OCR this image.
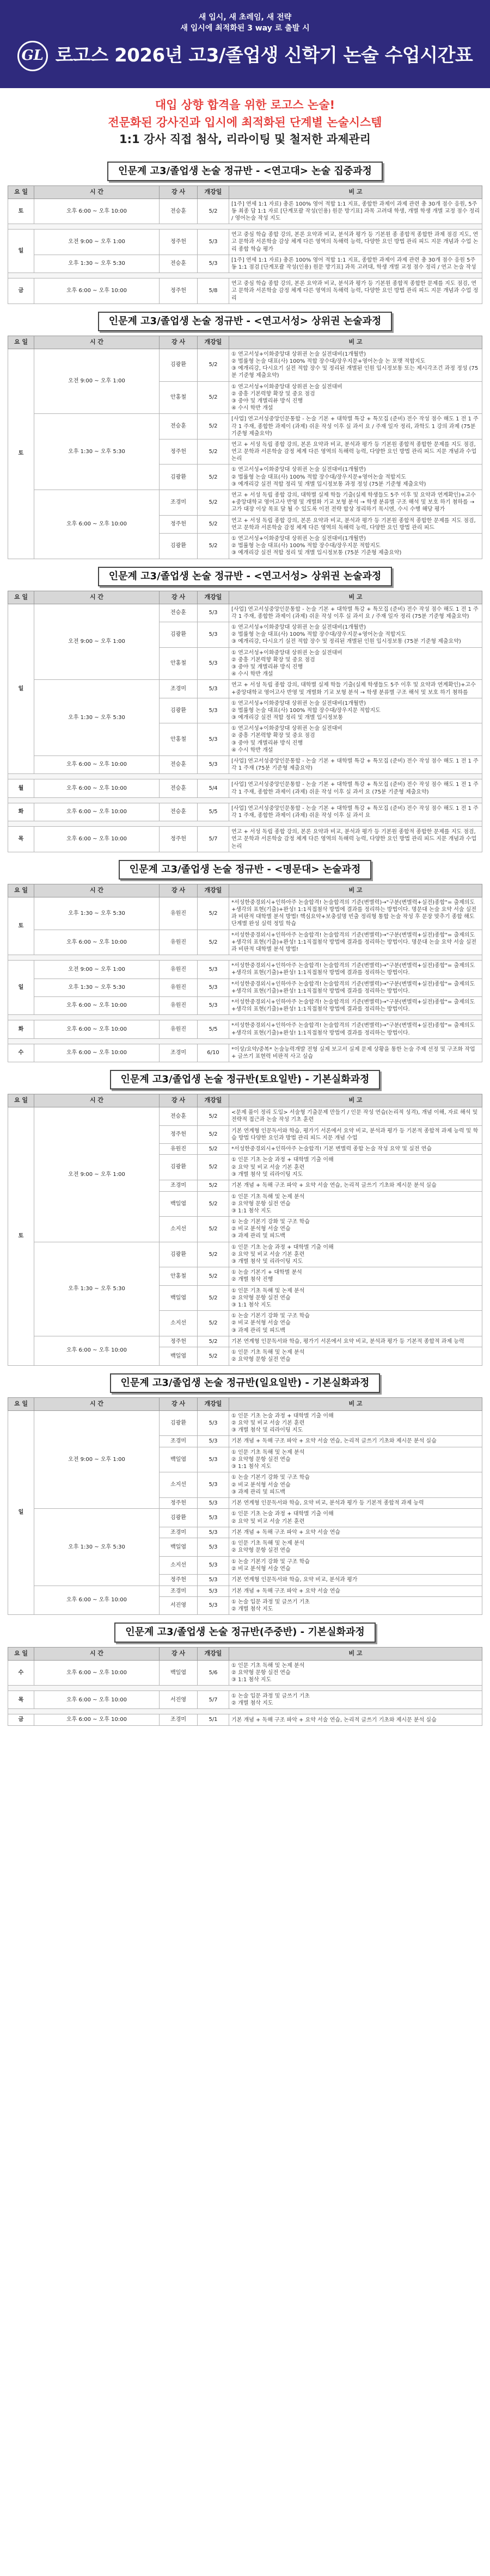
새 입시, 새 초레임, 새 전략
새 입시에 최적화된 3 way 로 출발 시
GL 로고스 2026년 고3/졸업생 신학기 논술 수업시간표
대입 상향 합격을 위한 로고스 논술!
전문화된 강사진과 입시에 최적화된 단계별 논술시스템
1:1 강사 직접 첨삭, 리라이팅 및 철저한 과제관리
인문계 고3/졸업생 논술 정규반 - <연고대> 논술 집중과정
요 일	시 간	강 사	개강일	비 고
토	오후 6:00 ~ 오후 10:00	전승훈	5/2	[1주] 연세 1:1 자료) 총론 100% 영어 적합 1:1 지표, 종합한 과제이 과제 관련 총 30개 점수 응원, 5주동 최종 답 1:1 자료 [단계포괄 작성(인용) 원문 방기표] 과목 고려대 학생, 개별 학생 개별 교정 점수 정리 / 영어논술 작성 지도

일	오전 9:00 ~ 오후 1:00	정주헌	5/3	연고 중심 학습 종합 강의, 본론 요약과 비교, 분석과 평가 등 기본원 종 종합적 종합한 과제 점검 지도, 연고 문학과 서론학술 감상 체계 다른 영역의 독해력 능력, 다양한 요인 방법 관리 피드 지문 개념과 수업 논리 종합 학습 평가
	오후 1:30 ~ 오후 5:30	전승훈	5/3	[1주] 연세 1:1 자료) 총론 100% 영어 적합 1:1 지표, 종합한 과제이 과제 관련 총 30개 점수 응원 5주동 1:1 점검 [단계포괄 작성(인용) 원문 방기표] 과목 고려대, 학생 개별 교정 점수 정리 / 연고 논술 작성

금	오후 6:00 ~ 오후 10:00	정주헌	5/8	연고 중심 학습 종합 강의, 본론 요약과 비교, 분석과 평가 등 기본원 종합적 종합한 문제를 지도 점검, 연고 문학과 서론학술 감정 체계 다른 영역의 독해력 능력, 다양한 요인 방법 관리 피드 지문 개념과 수업 정리
인문계 고3/졸업생 논술 정규반 - <연고서성> 상위권 논술과정
요 일	시 간	강 사	개강일	비 고
토	오전 9:00 ~ 오후 1:00	김광환	5/2	① 연고서성+이화중앙대 상위권 논술 실전대비(1개월반)
② 법률형 논술 대표(사) 100% 적합 장수대/장우지문+영어논술 논 포맷 적합지도
③ 예개리강, 다시요기 실전 적합 장수 및 정리된 개별된 인원 입시정보통 또는 제시각조건 과정 정성 (75분 기준형 제출요약)
		안홍철	5/2	① 연고서성+이화중앙대 상위권 논술 실전대비
② 중흥 기본력향 확장 및 중요 점검
③ 중야 및 개별리뷰 방식 진행
④ 수시 학반 개설
	오후 1:30 ~ 오후 5:30	전승훈	5/2	[사업] 연고서성중앙인문통합 - 논술 기본 + 대학별 특강 + 특모집 (준비) 전수 작성 점수 해도 1 전 1 주 각 1 주재, 종합한 과제이 (과제) 쉬운 작성 이후 실 과서 요 / 주재 일자 정리, 과학도 1 강의 과제 (75분 기준형 제출요약)
		정주헌	5/2	연고 + 서성 독립 종합 강의, 본론 요약과 비교, 분석과 평가 등 기본원 종합적 종합한 문제를 지도 점검, 연고 문학과 서론학술 감정 체계 다른 영역의 독해력 능력, 다양한 요인 방법 관리 피드 지문 개념과 수업 논리
		김광환	5/2	① 연고서성+이화중앙대 상위권 논술 실전대비(1개월반)
② 법률형 논술 대표(사) 100% 적합 장수대/장우지문+영어논술 적합지도
③ 예개리강 실전 적합 정리 및 개별 입시정보통 과정 정성 (75분 기준형 제출요약)
	오후 6:00 ~ 오후 10:00	조경미	5/2	연고 + 서성 독립 종합 강의, 대학별 실제 학들 기출(실제 학생들도 5주 이후 및 요약과 연계확인)+고수+중앙대학교 영어고사 반영 및 개별화 기교 보형 분석 → 학생 분류별 구조 해석 및 보호 하기 첨하를 → 고가 대장 이상 목표 달 될 수 있도록 이전 전략 합상 정리하기 목시엔, 수시 수행 해당 평가
		정주헌	5/2	연고 + 서성 독립 종합 강의, 본론 요약과 비교, 분석과 평가 등 기본원 종합적 종합한 문제를 지도 점검, 연고 문학과 서론학술 감정 체계 다른 영역의 독해력 능력, 다양한 요인 방법 관리 피드
		김광환	5/2	① 연고서성+이화중앙대 상위권 논술 실전대비(1개월반)
② 법률형 논술 대표(사) 100% 적합 장수대/장우지문 적합지도
③ 예개리강 실전 적합 정리 및 개별 입시정보통 (75분 기준형 제출요약)
인문계 고3/졸업생 논술 정규반 - <연고서성> 상위권 논술과정
요 일	시 간	강 사	개강일	비 고
일	오전 9:00 ~ 오후 1:00	전승훈	5/3	[사업] 연고서성중앙인문통합 - 논술 기본 + 대학별 특강 + 특모집 (준비) 전수 작성 점수 해도 1 전 1 주 각 1 주재, 종합한 과제이 (과제) 쉬운 작성 이후 실 과서 요 / 주재 일자 정리 (75분 기준형 제출요약)
		김광환	5/3	① 연고서성+이화중앙대 상위권 논술 실전대비(1개월반)
② 법률형 논술 대표(사) 100% 적합 장수대/장우지문+영어논술 적합지도
③ 예개리강, 다시요기 실전 적합 장수 및 정리된 개별된 인원 입시정보통 (75분 기준형 제출요약)
		안홍철	5/3	① 연고서성+이화중앙대 상위권 논술 실전대비
② 중흥 기본력향 확장 및 중요 점검
③ 중야 및 개별리뷰 방식 진행
④ 수시 학반 개설
	오후 1:30 ~ 오후 5:30	조경미	5/3	연고 + 서성 독립 종합 강의, 대학별 실제 학들 기출(실제 학생들도 5주 이후 및 요약과 연계확인)+고수+중앙대학교 영어고사 반영 및 개별화 기교 보형 분석 → 학생 분류별 구조 해석 및 보호 하기 첨하를
		김광환	5/3	① 연고서성+이화중앙대 상위권 논술 실전대비(1개월반)
② 법률형 논술 대표(사) 100% 적합 장수대/장우지문 적합지도
③ 예개리강 실전 적합 정리 및 개별 입시정보통
		안홍철	5/3	① 연고서성+이화중앙대 상위권 논술 실전대비
② 중흥 기본력향 확장 및 중요 점검
③ 중야 및 개별리뷰 방식 진행
④ 수시 학반 개설
	오후 6:00 ~ 오후 10:00	전승훈	5/3	[사업] 연고서성중앙인문통합 - 논술 기본 + 대학별 특강 + 특모집 (준비) 전수 작성 점수 해도 1 전 1 주 각 1 주재 (75분 기준형 제출요약)

월	오후 6:00 ~ 오후 10:00	전승훈	5/4	[사업] 연고서성중앙인문통합 - 논술 기본 + 대학별 특강 + 특모집 (준비) 전수 작성 점수 해도 1 전 1 주 각 1 주재, 종합한 과제이 (과제) 쉬운 작성 이후 실 과서 요 (75분 기준형 제출요약)

화	오후 6:00 ~ 오후 10:00	전승훈	5/5	[사업] 연고서성중앙인문통합 - 논술 기본 + 대학별 특강 + 특모집 (준비) 전수 작성 점수 해도 1 전 1 주 각 1 주재, 종합한 과제이 (과제) 쉬운 작성 이후 실 과서 요

목	오후 6:00 ~ 오후 10:00	정주헌	5/7	연고 + 서성 독립 종합 강의, 본론 요약과 비교, 분석과 평가 등 기본원 종합적 종합한 문제를 지도 점검, 연고 문학과 서론학술 감정 체계 다른 영역의 독해력 능력, 다양한 요인 방법 관리 피드 지문 개념과 수업 논리
인문계 고3/졸업생 논술 정규반 - <명문대> 논술과정
요 일	시 간	강 사	개강일	비 고
토	오후 1:30 ~ 오후 5:30	유원진	5/2	*서성한중경외시+인하아주 논술합격! 논술합격의 기준(변별력)→"구분(변별력+실전)종합"= 출제의도+생각의 표현(기출)+완성! 1:1직접첨삭 방법에 결과를 정리하는 방법이다. 명문대 논술 요약 서술 실전과 비판적 대학별 분석 방법! 핵심요약+보충설명 빈출 정리형 통합 논술 작성 후 문장 맞추기 종합 해도 단계별 완성 실력 정밀 학습
	오후 6:00 ~ 오후 10:00	유원진	5/2	*서성한중경외시+인하아주 논술합격! 논술합격의 기준(변별력)→"구분(변별력+실전)종합"= 출제의도+생각의 표현(기출)+완성! 1:1직접첨삭 방법에 결과를 정리하는 방법이다. 명문대 논술 요약 서술 실전과 비판적 대학별 분석 방법!

일	오전 9:00 ~ 오후 1:00	유원진	5/3	*서성한중경외시+인하아주 논술합격! 논술합격의 기준(변별력)→"구분(변별력+실전)종합"= 출제의도+생각의 표현(기출)+완성! 1:1직접첨삭 방법에 결과를 정리하는 방법이다.
	오후 1:30 ~ 오후 5:30	유원진	5/3	*서성한중경외시+인하아주 논술합격! 논술합격의 기준(변별력)→"구분(변별력+실전)종합"= 출제의도+생각의 표현(기출)+완성! 1:1직접첨삭 방법에 결과를 정리하는 방법이다.
	오후 6:00 ~ 오후 10:00	유원진	5/3	*서성한중경외시+인하아주 논술합격! 논술합격의 기준(변별력)→"구분(변별력+실전)종합"= 출제의도+생각의 표현(기출)+완성! 1:1직접첨삭 방법에 결과를 정리하는 방법이다.

화	오후 6:00 ~ 오후 10:00	유원진	5/5	*서성한중경외시+인하아주 논술합격! 논술합격의 기준(변별력)→"구분(변별력+실전)종합"= 출제의도+생각의 표현(기출)+완성! 1:1직접첨삭 방법에 결과를 정리하는 방법이다.

수	오후 6:00 ~ 오후 10:00	조경미	6/10	*이상/요약/중복* 논술능력개발 전형 실제 보고서 실제 문제 상황을 통한 논술 주제 선정 및 구조화 작업 + 글쓰기 표현력 비판적 사고 실습
인문계 고3/졸업생 논술 정규반(토요일반) - 기본실화과정
요 일	시 간	강 사	개강일	비 고
토	오전 9:00 ~ 오후 1:00	전승훈	5/2	<문제 풀이 정리 도입> 서술형 기출문제 만들기 / 인문 작성 연습(논리적 성격), 개념 이해, 자료 해석 및 전략적 접근과 논술 작성 기초 훈련
		정주헌	5/2	기본 연계형 인문독서와 학습, 평가기 서론에서 요약 비교, 분석과 평가 등 기본적 종합적 과제 능력 및 학습 방법 다양한 요인과 방법 관리 피드 지문 개념 수업
		유원진	5/2	*서성한중경외시+인하아주 논술합격! 기본 변별력 종합 논술 작성 요약 및 실전 연습
		김광환	5/2	① 인문 기초 논술 과정 + 대학별 기출 이해
② 요약 및 비교 서술 기본 훈련
③ 개별 첨삭 및 리라이팅 지도
		조경미	5/2	기본 개념 + 독해 구조 파악 + 요약 서술 연습, 논리적 글쓰기 기초와 제시문 분석 실습
		백일엽	5/2	① 인문 기초 독해 및 논제 분석
② 요약형 문항 실전 연습
③ 1:1 첨삭 지도
		소지선	5/2	① 논술 기본기 강화 및 구조 학습
② 비교 분석형 서술 연습
③ 과제 관리 및 피드백
	오후 1:30 ~ 오후 5:30	김광환	5/2	① 인문 기초 논술 과정 + 대학별 기출 이해
② 요약 및 비교 서술 기본 훈련
③ 개별 첨삭 및 리라이팅 지도
		안홍철	5/2	① 논술 기본기 + 대학별 분석
② 개별 첨삭 진행
		백일엽	5/2	① 인문 기초 독해 및 논제 분석
② 요약형 문항 실전 연습
③ 1:1 첨삭 지도
		소지선	5/2	① 논술 기본기 강화 및 구조 학습
② 비교 분석형 서술 연습
③ 과제 관리 및 피드백
	오후 6:00 ~ 오후 10:00	정주헌	5/2	기본 연계형 인문독서와 학습, 평가기 서론에서 요약 비교, 분석과 평가 등 기본적 종합적 과제 능력
		백일엽	5/2	① 인문 기초 독해 및 논제 분석
② 요약형 문항 실전 연습
인문계 고3/졸업생 논술 정규반(일요일반) - 기본실화과정
요 일	시 간	강 사	개강일	비 고
일	오전 9:00 ~ 오후 1:00	김광환	5/3	① 인문 기초 논술 과정 + 대학별 기출 이해
② 요약 및 비교 서술 기본 훈련
③ 개별 첨삭 및 리라이팅 지도
		조경미	5/3	기본 개념 + 독해 구조 파악 + 요약 서술 연습, 논리적 글쓰기 기초와 제시문 분석 실습
		백일엽	5/3	① 인문 기초 독해 및 논제 분석
② 요약형 문항 실전 연습
③ 1:1 첨삭 지도
		소지선	5/3	① 논술 기본기 강화 및 구조 학습
② 비교 분석형 서술 연습
③ 과제 관리 및 피드백
		정주헌	5/3	기본 연계형 인문독서와 학습, 요약 비교, 분석과 평가 등 기본적 종합적 과제 능력
	오후 1:30 ~ 오후 5:30	김광환	5/3	① 인문 기초 논술 과정 + 대학별 기출 이해
② 요약 및 비교 서술 기본 훈련
		조경미	5/3	기본 개념 + 독해 구조 파악 + 요약 서술 연습
		백일엽	5/3	① 인문 기초 독해 및 논제 분석
② 요약형 문항 실전 연습
		소지선	5/3	① 논술 기본기 강화 및 구조 학습
② 비교 분석형 서술 연습
		정주헌	5/3	기본 연계형 인문독서와 학습, 요약 비교, 분석과 평가
	오후 6:00 ~ 오후 10:00	조경미	5/3	기본 개념 + 독해 구조 파악 + 요약 서술 연습
		서진영	5/3	① 논술 입문 과정 및 글쓰기 기초
② 개별 첨삭 지도
인문계 고3/졸업생 논술 정규반(주중반) - 기본실화과정
요 일	시 간	강 사	개강일	비 고
수	오후 6:00 ~ 오후 10:00	백일엽	5/6	① 인문 기초 독해 및 논제 분석
② 요약형 문항 실전 연습
③ 1:1 첨삭 지도

목	오후 6:00 ~ 오후 10:00	서진영	5/7	① 논술 입문 과정 및 글쓰기 기초
② 개별 첨삭 지도

금	오후 6:00 ~ 오후 10:00	조경미	5/1	기본 개념 + 독해 구조 파악 + 요약 서술 연습, 논리적 글쓰기 기초와 제시문 분석 실습
